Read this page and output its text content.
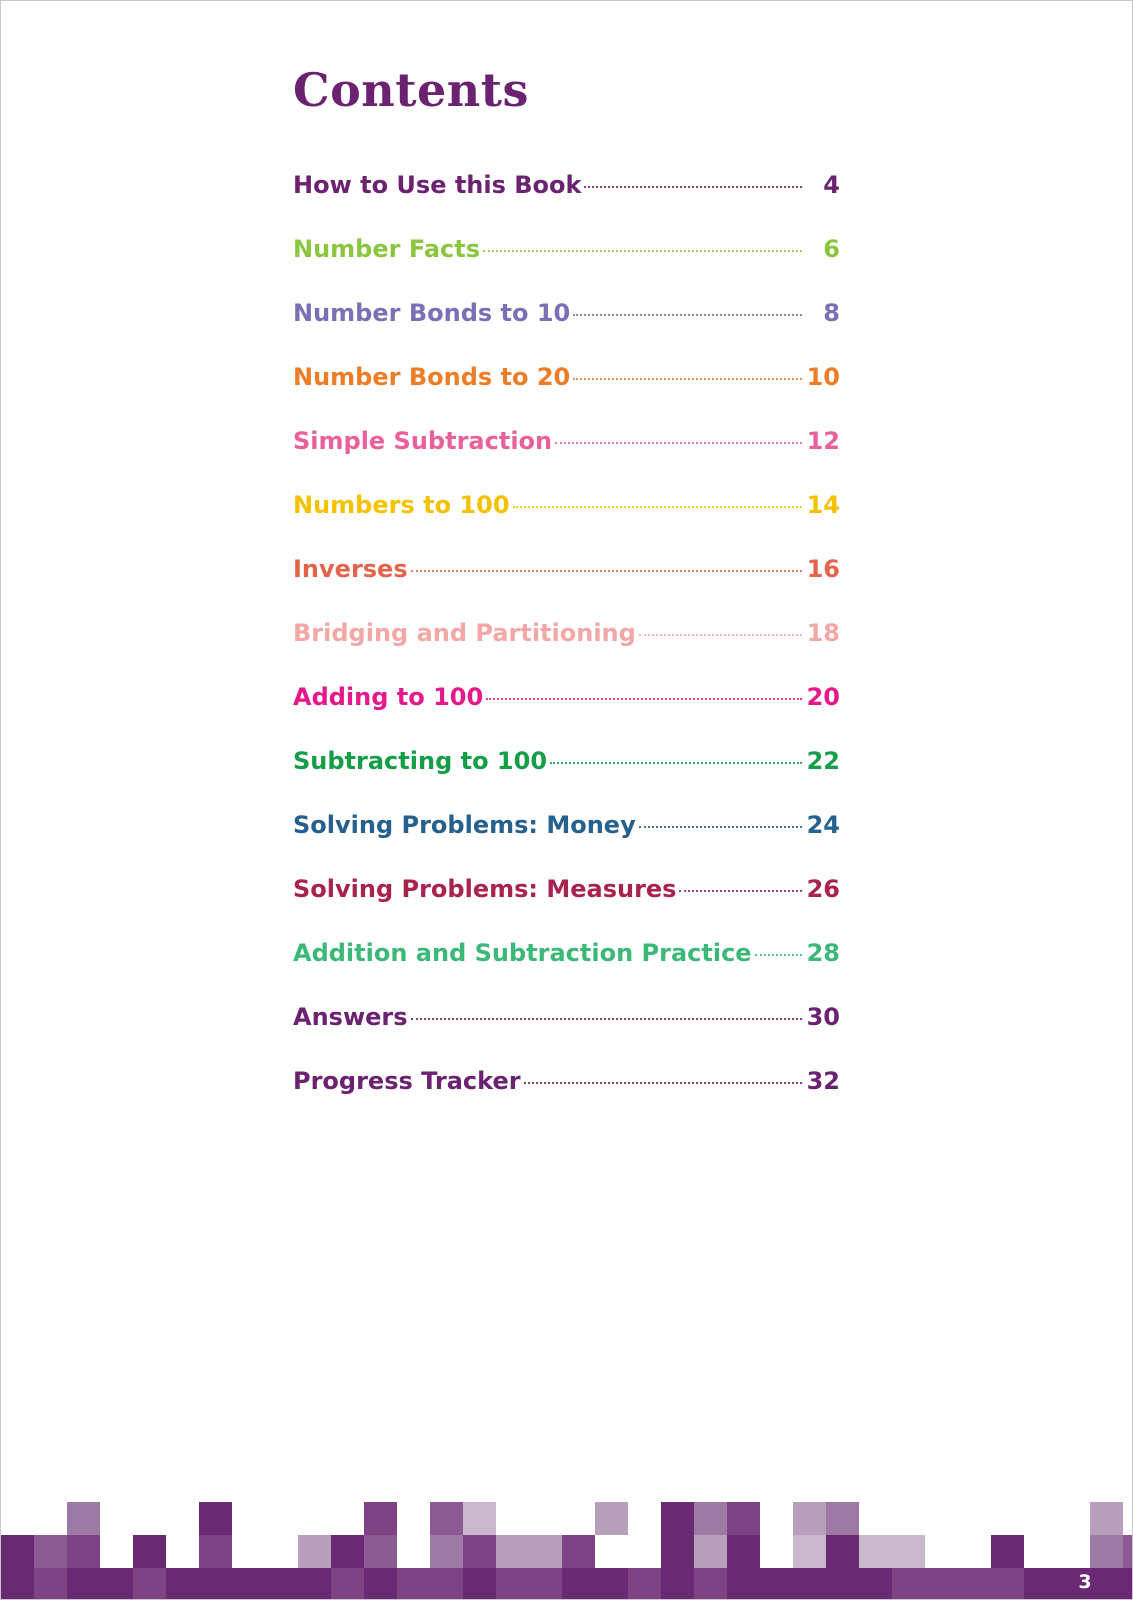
Contents
How to Use this Book	4
Number Facts	6
Number Bonds to 10	8
Number Bonds to 20	10
Simple Subtraction	12
Numbers to 100	14
Inverses	16
Bridging and Partitioning	18
Adding to 100	20
Subtracting to 100	22
Solving Problems: Money	24
Solving Problems: Measures	26
Addition and Subtraction Practice 28
Answers	30
Progress Tracker	32
3
